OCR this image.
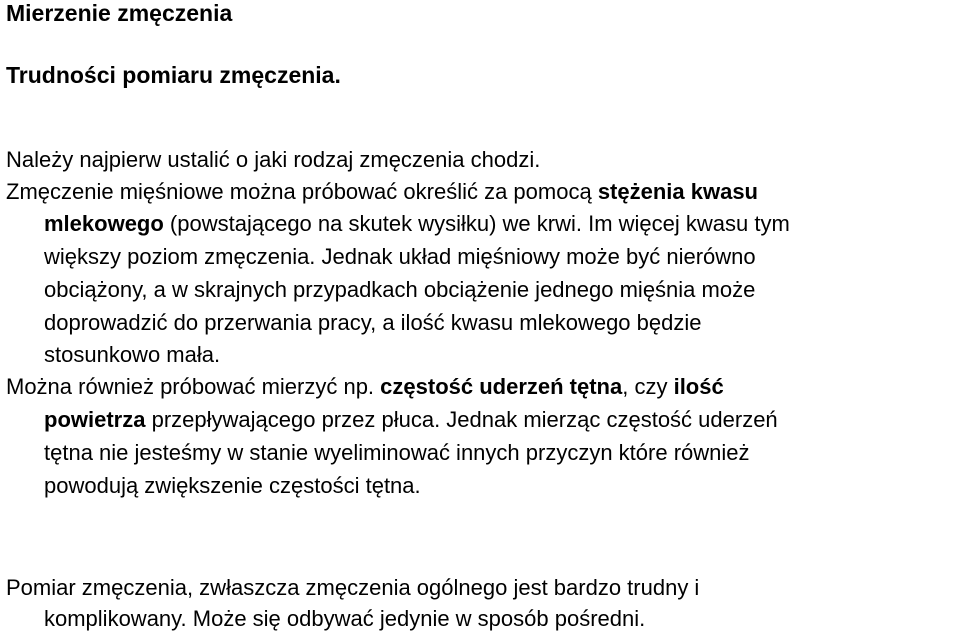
Mierzenie zmęczenia
Trudności pomiaru zmęczenia.
Należy najpierw ustalić o jaki rodzaj zmęczenia chodzi.
Zmęczenie mięśniowe można próbować określić za pomocą stężenia kwasu
mlekowego (powstającego na skutek wysiłku) we krwi. Im więcej kwasu tym
większy poziom zmęczenia. Jednak układ mięśniowy może być nierówno
obciążony, a w skrajnych przypadkach obciążenie jednego mięśnia może
doprowadzić do przerwania pracy, a ilość kwasu mlekowego będzie
stosunkowo mała.
Można również próbować mierzyć np. częstość uderzeń tętna, czy ilość
powietrza przepływającego przez płuca. Jednak mierząc częstość uderzeń
tętna nie jesteśmy w stanie wyeliminować innych przyczyn które również
powodują zwiększenie częstości tętna.
Pomiar zmęczenia, zwłaszcza zmęczenia ogólnego jest bardzo trudny i
komplikowany. Może się odbywać jedynie w sposób pośredni.
